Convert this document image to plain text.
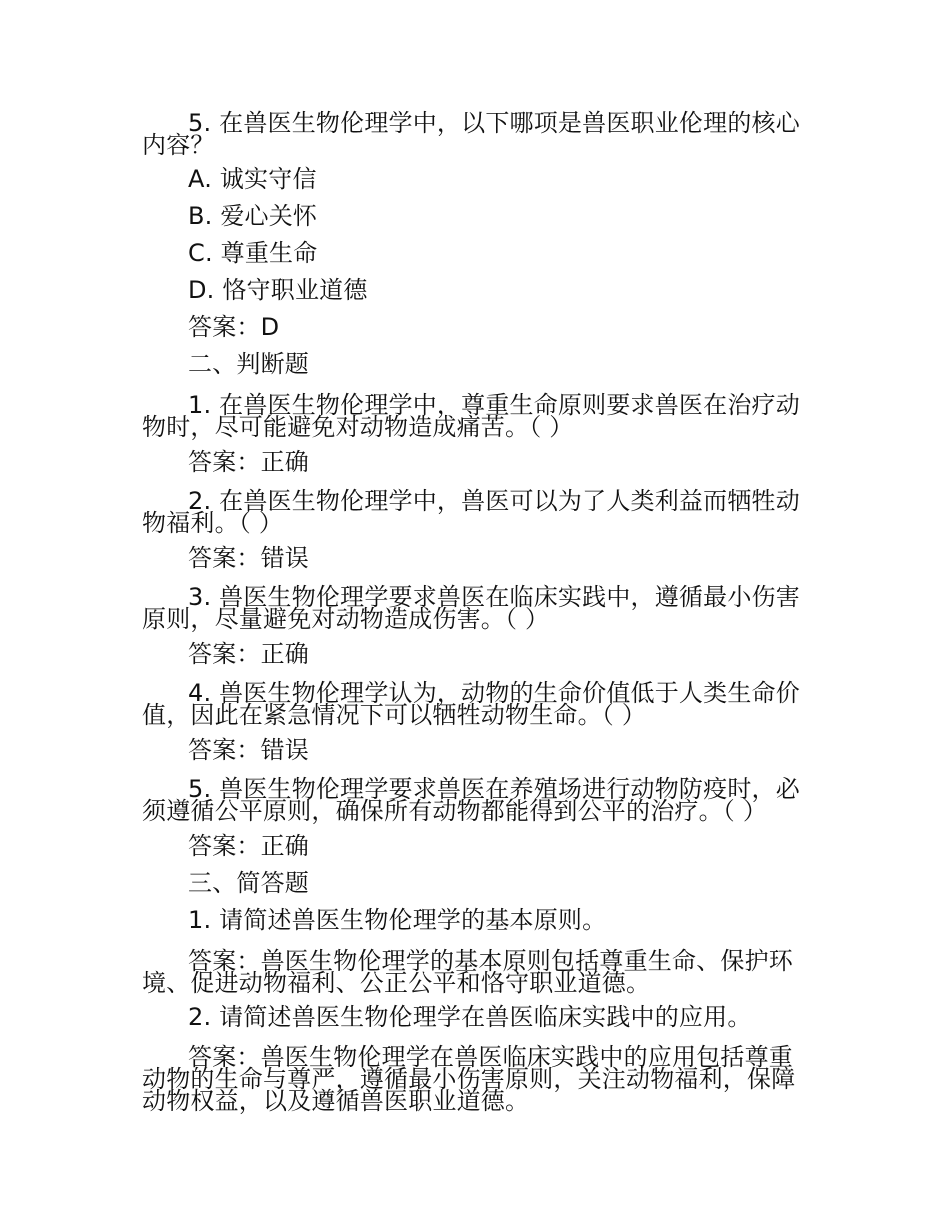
5. 在兽医生物伦理学中，以下哪项是兽医职业伦理的核心内容？
A. 诚实守信
B. 爱心关怀
C. 尊重生命
D. 恪守职业道德
答案：D
二、判断题
1. 在兽医生物伦理学中，尊重生命原则要求兽医在治疗动物时，尽可能避免对动物造成痛苦。（ ）
答案：正确
2. 在兽医生物伦理学中，兽医可以为了人类利益而牺牲动物福利。（ ）
答案：错误
3. 兽医生物伦理学要求兽医在临床实践中，遵循最小伤害原则，尽量避免对动物造成伤害。（ ）
答案：正确
4. 兽医生物伦理学认为，动物的生命价值低于人类生命价值，因此在紧急情况下可以牺牲动物生命。（ ）
答案：错误
5. 兽医生物伦理学要求兽医在养殖场进行动物防疫时，必须遵循公平原则，确保所有动物都能得到公平的治疗。（ ）
答案：正确
三、简答题
1. 请简述兽医生物伦理学的基本原则。
答案：兽医生物伦理学的基本原则包括尊重生命、保护环境、促进动物福利、公正公平和恪守职业道德。
2. 请简述兽医生物伦理学在兽医临床实践中的应用。
答案：兽医生物伦理学在兽医临床实践中的应用包括尊重动物的生命与尊严，遵循最小伤害原则，关注动物福利，保障动物权益，以及遵循兽医职业道德。
